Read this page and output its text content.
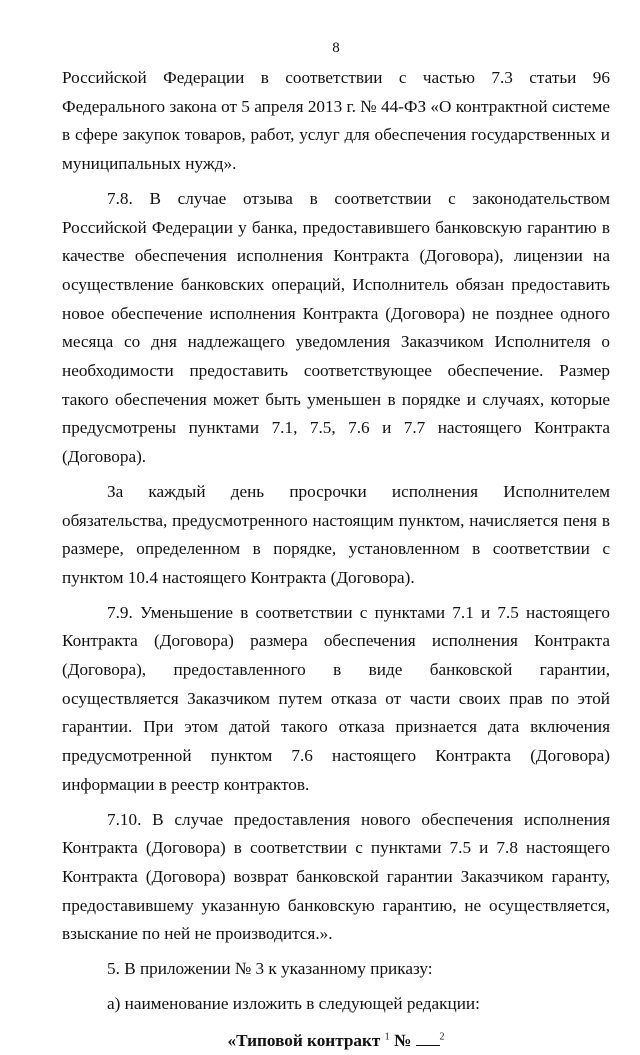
8

Российской Федерации в соответствии с частью 7.3 статьи 96 Федерального закона от 5 апреля 2013 г. № 44-ФЗ «О контрактной системе в сфере закупок товаров, работ, услуг для обеспечения государственных и муниципальных нужд».

7.8. В случае отзыва в соответствии с законодательством Российской Федерации у банка, предоставившего банковскую гарантию в качестве обеспечения исполнения Контракта (Договора), лицензии на осуществление банковских операций, Исполнитель обязан предоставить новое обеспечение исполнения Контракта (Договора) не позднее одного месяца со дня надлежащего уведомления Заказчиком Исполнителя о необходимости предоставить соответствующее обеспечение. Размер такого обеспечения может быть уменьшен в порядке и случаях, которые предусмотрены пунктами 7.1, 7.5, 7.6 и 7.7 настоящего Контракта (Договора).

За каждый день просрочки исполнения Исполнителем обязательства, предусмотренного настоящим пунктом, начисляется пеня в размере, определенном в порядке, установленном в соответствии с пунктом 10.4 настоящего Контракта (Договора).

7.9. Уменьшение в соответствии с пунктами 7.1 и 7.5 настоящего Контракта (Договора) размера обеспечения исполнения Контракта (Договора), предоставленного в виде банковской гарантии, осуществляется Заказчиком путем отказа от части своих прав по этой гарантии. При этом датой такого отказа признается дата включения предусмотренной пунктом 7.6 настоящего Контракта (Договора) информации в реестр контрактов.

7.10. В случае предоставления нового обеспечения исполнения Контракта (Договора) в соответствии с пунктами 7.5 и 7.8 настоящего Контракта (Договора) возврат банковской гарантии Заказчиком гаранту, предоставившему указанную банковскую гарантию, не осуществляется, взыскание по ней не производится.».

5. В приложении № 3 к указанному приказу:

а) наименование изложить в следующей редакции:

«Типовой контракт $^1$ №	$^2$
